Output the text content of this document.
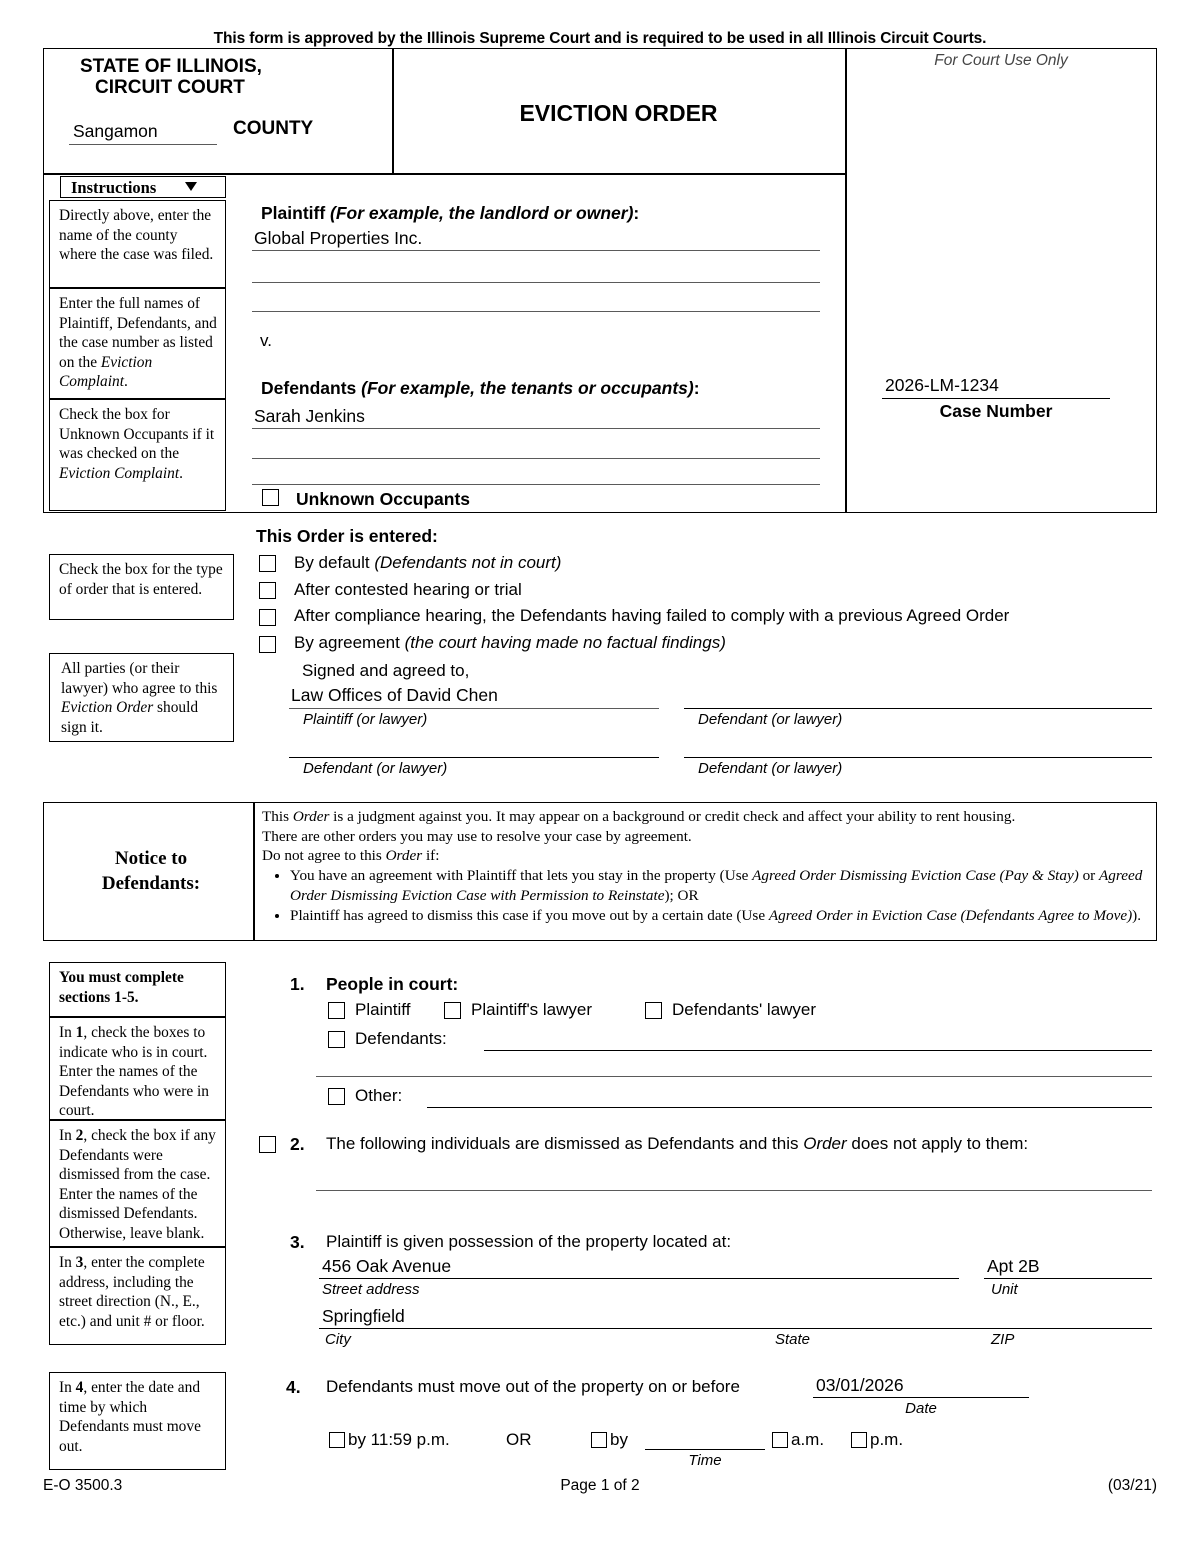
This form is approved by the Illinois Supreme Court and is required to be used in all Illinois Circuit Courts.
STATE OF ILLINOIS,
CIRCUIT COURT
Sangamon	COUNTY
EVICTION ORDER
For Court Use Only
Instructions
Directly above, enter the name of the county where the case was filed.
Enter the full names of Plaintiff, Defendants, and the case number as listed on the Eviction Complaint.
Check the box for Unknown Occupants if it was checked on the Eviction Complaint.
Plaintiff (For example, the landlord or owner):
Global Properties Inc.
v.
Defendants (For example, the tenants or occupants):
Sarah Jenkins
Unknown Occupants
2026-LM-1234
Case Number
Check the box for the type of order that is entered.
All parties (or their lawyer) who agree to this Eviction Order should sign it.
This Order is entered:
By default (Defendants not in court)
After contested hearing or trial
After compliance hearing, the Defendants having failed to comply with a previous Agreed Order
By agreement (the court having made no factual findings)
Signed and agreed to,
Law Offices of David Chen
Plaintiff (or lawyer)	Defendant (or lawyer)
Defendant (or lawyer)	Defendant (or lawyer)
Notice to
Defendants:
This Order is a judgment against you. It may appear on a background or credit check and affect your ability to rent housing.
There are other orders you may use to resolve your case by agreement.
Do not agree to this Order if:
• You have an agreement with Plaintiff that lets you stay in the property (Use Agreed Order Dismissing Eviction Case (Pay & Stay) or Agreed Order Dismissing Eviction Case with Permission to Reinstate); OR
• Plaintiff has agreed to dismiss this case if you move out by a certain date (Use Agreed Order in Eviction Case (Defendants Agree to Move)).
You must complete sections 1-5.
In 1, check the boxes to indicate who is in court. Enter the names of the Defendants who were in court.
In 2, check the box if any Defendants were dismissed from the case. Enter the names of the dismissed Defendants. Otherwise, leave blank.
In 3, enter the complete address, including the street direction (N., E., etc.) and unit # or floor.
In 4, enter the date and time by which Defendants must move out.
1. People in court:
Plaintiff	Plaintiff's lawyer	Defendants' lawyer
Defendants:
Other:
2. The following individuals are dismissed as Defendants and this Order does not apply to them:
3. Plaintiff is given possession of the property located at:
456 Oak Avenue
Street address
Apt 2B
Unit
Springfield
City	State	ZIP
4. Defendants must move out of the property on or before	03/01/2026
Date
by 11:59 p.m.	OR	by
Time
a.m.	p.m.
E-O 3500.3	Page 1 of 2	(03/21)
